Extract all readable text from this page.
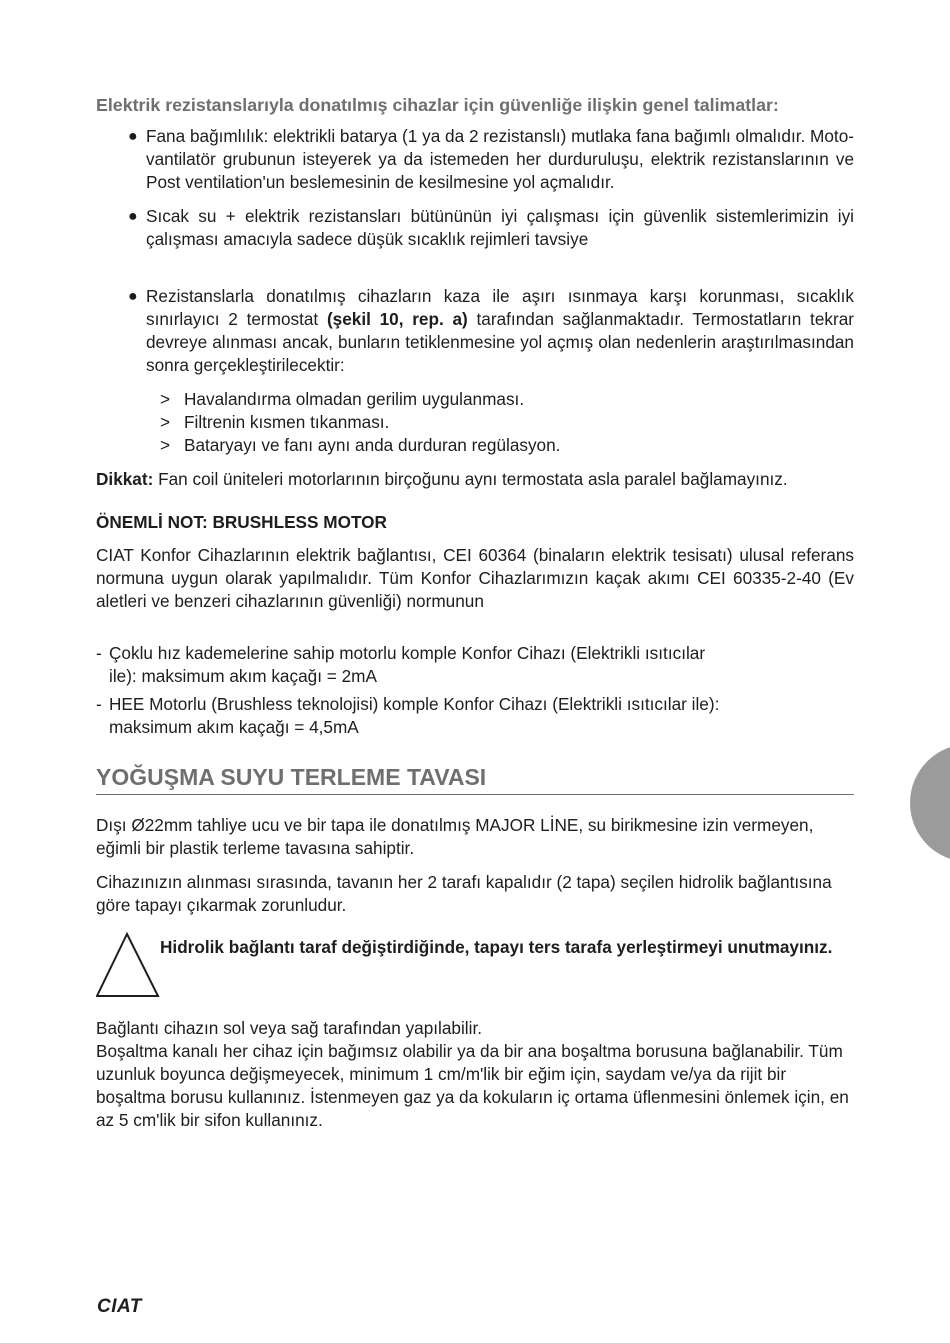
Elektrik rezistanslarıyla donatılmış cihazlar için güvenliğe ilişkin genel talimatlar:

● Fana bağımlılık: elektrikli batarya (1 ya da 2 rezistanslı) mutlaka fana bağımlı olmalıdır. Moto-vantilatör grubunun isteyerek ya da istemeden her durduruluşu, elektrik rezistanslarının ve Post ventilation'un beslemesinin de kesilmesine yol açmalıdır.
● Sıcak su + elektrik rezistansları bütününün iyi çalışması için güvenlik sistemlerimizin iyi çalışması amacıyla sadece düşük sıcaklık rejimleri tavsiye
● Rezistanslarla donatılmış cihazların kaza ile aşırı ısınmaya karşı korunması, sıcaklık sınırlayıcı 2 termostat (şekil 10, rep. a) tarafından sağlanmaktadır. Termostatların tekrar devreye alınması ancak, bunların tetiklenmesine yol açmış olan nedenlerin araştırılmasından sonra gerçekleştirilecektir:
> Havalandırma olmadan gerilim uygulanması.
> Filtrenin kısmen tıkanması.
> Bataryayı ve fanı aynı anda durduran regülasyon.

Dikkat: Fan coil üniteleri motorlarının birçoğunu aynı termostata asla paralel bağlamayınız.

ÖNEMLİ NOT: BRUSHLESS MOTOR

CIAT Konfor Cihazlarının elektrik bağlantısı, CEI 60364 (binaların elektrik tesisatı) ulusal referans normuna uygun olarak yapılmalıdır. Tüm Konfor Cihazlarımızın kaçak akımı CEI 60335-2-40 (Ev aletleri ve benzeri cihazlarının güvenliği) normunun

- Çoklu hız kademelerine sahip motorlu komple Konfor Cihazı (Elektrikli ısıtıcılar
ile): maksimum akım kaçağı = 2mA
- HEE Motorlu (Brushless teknolojisi) komple Konfor Cihazı (Elektrikli ısıtıcılar ile):
maksimum akım kaçağı = 4,5mA
YOĞUŞMA SUYU TERLEME TAVASI

Dışı Ø22mm tahliye ucu ve bir tapa ile donatılmış MAJOR LİNE, su birikmesine izin vermeyen, eğimli bir plastik terleme tavasına sahiptir.

Cihazınızın alınması sırasında, tavanın her 2 tarafı kapalıdır (2 tapa) seçilen hidrolik bağlantısına göre tapayı çıkarmak zorunludur.

Hidrolik bağlantı taraf değiştirdiğinde, tapayı ters tarafa yerleştirmeyi unutmayınız.

Bağlantı cihazın sol veya sağ tarafından yapılabilir.

Boşaltma kanalı her cihaz için bağımsız olabilir ya da bir ana boşaltma borusuna bağlanabilir. Tüm uzunluk boyunca değişmeyecek, minimum 1 cm/m'lik bir eğim için, saydam ve/ya da rijit bir boşaltma borusu kullanınız. İstenmeyen gaz ya da kokuların iç ortama üflenmesini önlemek için, en az 5 cm'lik bir sifon kullanınız.

CIAT
